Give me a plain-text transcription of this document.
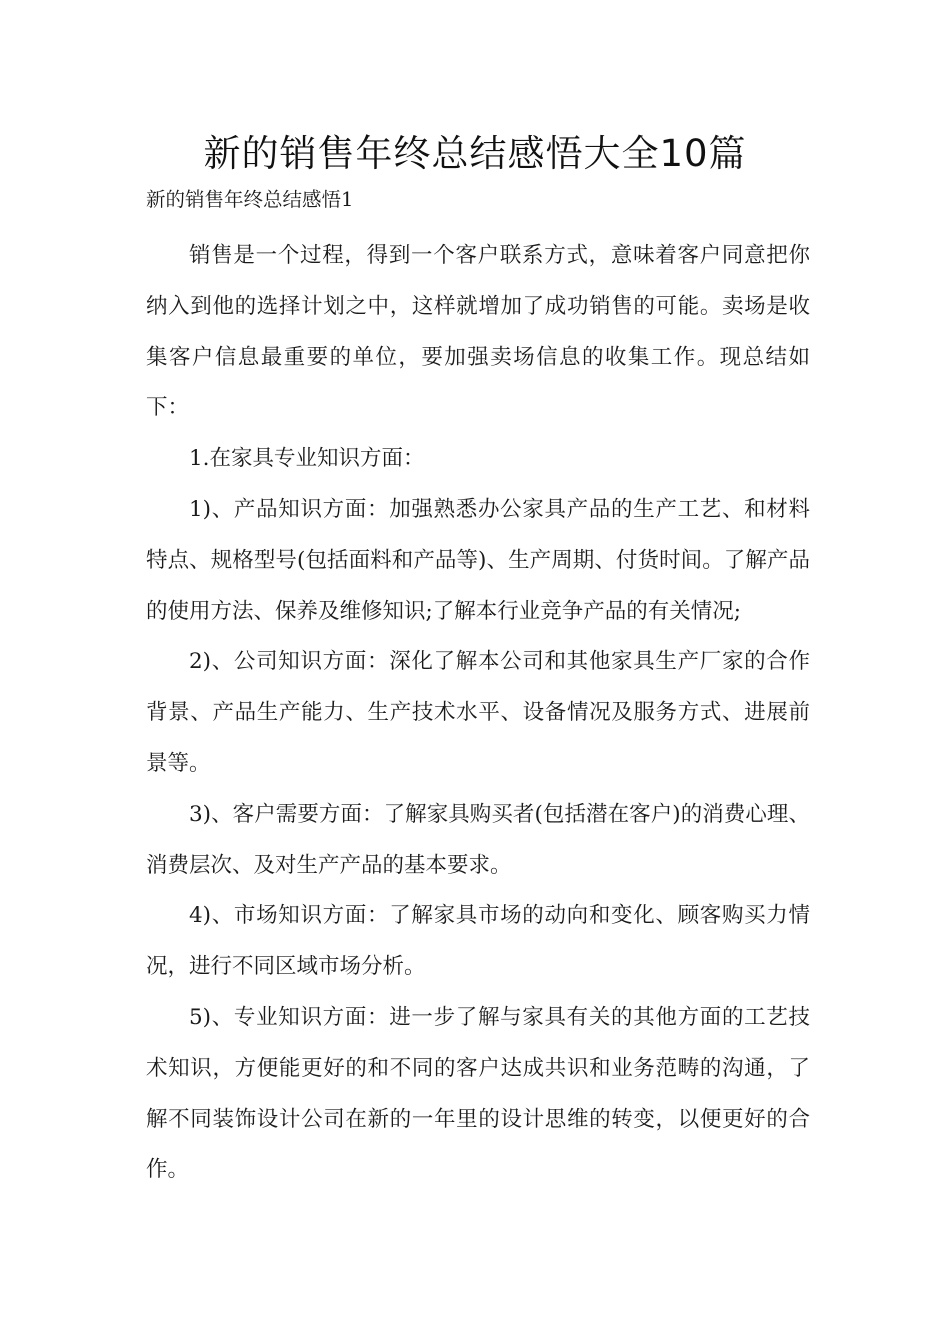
新的销售年终总结感悟大全10篇
新的销售年终总结感悟1

销售是一个过程，得到一个客户联系方式，意味着客户同意把你纳入到他的选择计划之中，这样就增加了成功销售的可能。卖场是收集客户信息最重要的单位，要加强卖场信息的收集工作。现总结如下：

1.在家具专业知识方面：

1)、产品知识方面：加强熟悉办公家具产品的生产工艺、和材料特点、规格型号(包括面料和产品等)、生产周期、付货时间。了解产品的使用方法、保养及维修知识;了解本行业竞争产品的有关情况;

2)、公司知识方面：深化了解本公司和其他家具生产厂家的合作背景、产品生产能力、生产技术水平、设备情况及服务方式、进展前景等。

3)、客户需要方面：了解家具购买者(包括潜在客户)的消费心理、消费层次、及对生产产品的基本要求。

4)、市场知识方面：了解家具市场的动向和变化、顾客购买力情况，进行不同区域市场分析。

5)、专业知识方面：进一步了解与家具有关的其他方面的工艺技术知识，方便能更好的和不同的客户达成共识和业务范畴的沟通，了解不同装饰设计公司在新的一年里的设计思维的转变，以便更好的合作。
